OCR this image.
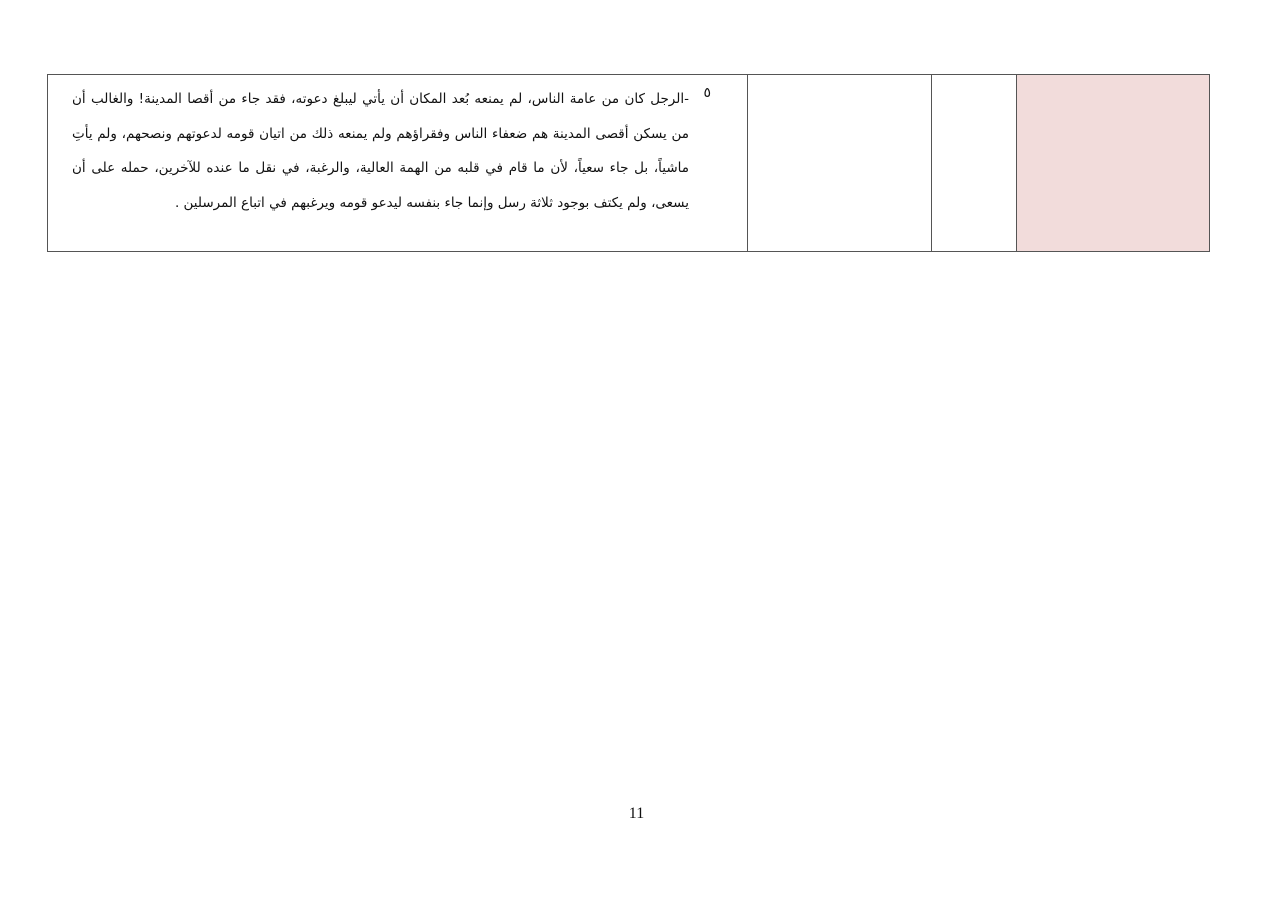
٥

-الرجل كان من عامة الناس، لم يمنعه بُعد المكان أن يأتي ليبلغ دعوته، فقد جاء من أقصا المدينة! والغالب أن من يسكن أقصى المدينة هم ضعفاء الناس وفقراؤهم ولم يمنعه ذلك من اتيان قومه لدعوتهم ونصحهم، ولم يأتِ ماشياً، بل جاء سعياً، لأن ما قام في قلبه من الهمة العالية، والرغبة، في نقل ما عنده للآخرين، حمله على أن يسعى، ولم يكتف بوجود ثلاثة رسل وإنما جاء بنفسه ليدعو قومه ويرغبهم في اتباع المرسلين .

11
